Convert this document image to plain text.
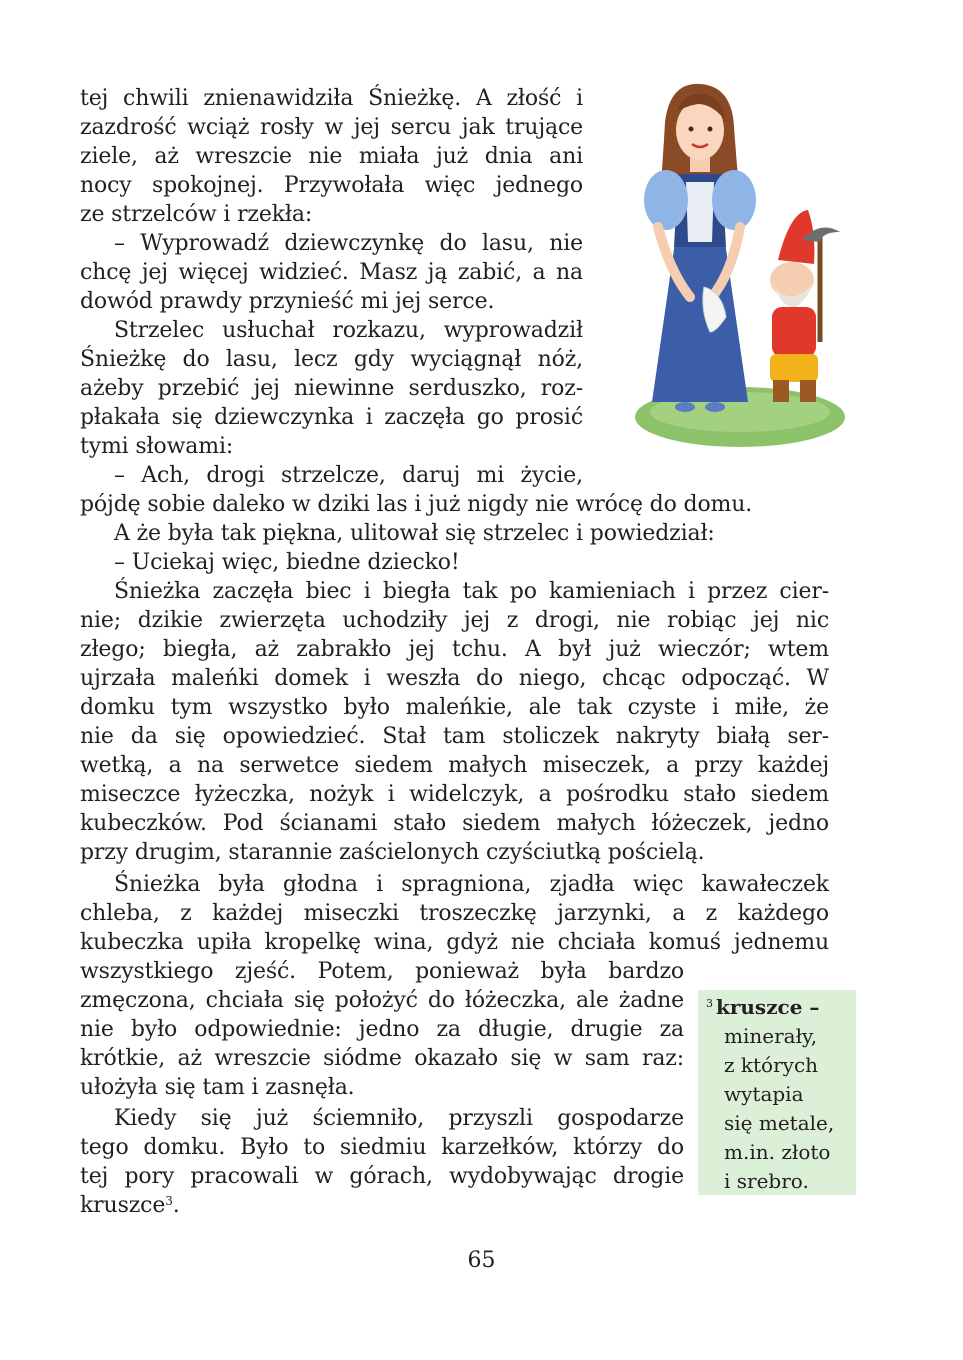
tej chwili znienawidziła Śnieżkę. A złość i
zazdrość wciąż rosły w jej sercu jak trujące
ziele, aż wreszcie nie miała już dnia ani
nocy spokojnej. Przywołała więc jednego
ze strzelców i rzekła:
– Wyprowadź dziewczynkę do lasu, nie
chcę jej więcej widzieć. Masz ją zabić, a na
dowód prawdy przynieść mi jej serce.
Strzelec usłuchał rozkazu, wyprowadził
Śnieżkę do lasu, lecz gdy wyciągnął nóż,
ażeby przebić jej niewinne serduszko, roz-
płakała się dziewczynka i zaczęła go prosić
tymi słowami:
– Ach, drogi strzelcze, daruj mi życie,
pójdę sobie daleko w dziki las i już nigdy nie wrócę do domu.
A że była tak piękna, ulitował się strzelec i powiedział:
– Uciekaj więc, biedne dziecko!
Śnieżka zaczęła biec i biegła tak po kamieniach i przez cier-
nie; dzikie zwierzęta uchodziły jej z drogi, nie robiąc jej nic
złego; biegła, aż zabrakło jej tchu. A był już wieczór; wtem
ujrzała maleńki domek i weszła do niego, chcąc odpocząć. W
domku tym wszystko było maleńkie, ale tak czyste i miłe, że
nie da się opowiedzieć. Stał tam stoliczek nakryty białą ser-
wetką, a na serwetce siedem małych miseczek, a przy każdej
miseczce łyżeczka, nożyk i widelczyk, a pośrodku stało siedem
kubeczków. Pod ścianami stało siedem małych łóżeczek, jedno
przy drugim, starannie zaścielonych czyściutką pościelą.
Śnieżka była głodna i spragniona, zjadła więc kawałeczek
chleba, z każdej miseczki troszeczkę jarzynki, a z każdego
kubeczka upiła kropelkę wina, gdyż nie chciała komuś jednemu
wszystkiego zjeść. Potem, ponieważ była bardzo
zmęczona, chciała się położyć do łóżeczka, ale żadne
nie było odpowiednie: jedno za długie, drugie za
krótkie, aż wreszcie siódme okazało się w sam raz:
ułożyła się tam i zasnęła.
Kiedy się już ściemniło, przyszli gospodarze
tego domku. Było to siedmiu karzełków, którzy do
tej pory pracowali w górach, wydobywając drogie
kruszce$^3$.
$^3$ kruszce –
minerały,
z których
wytapia
się metale,
m.in. złoto
i srebro.
65
